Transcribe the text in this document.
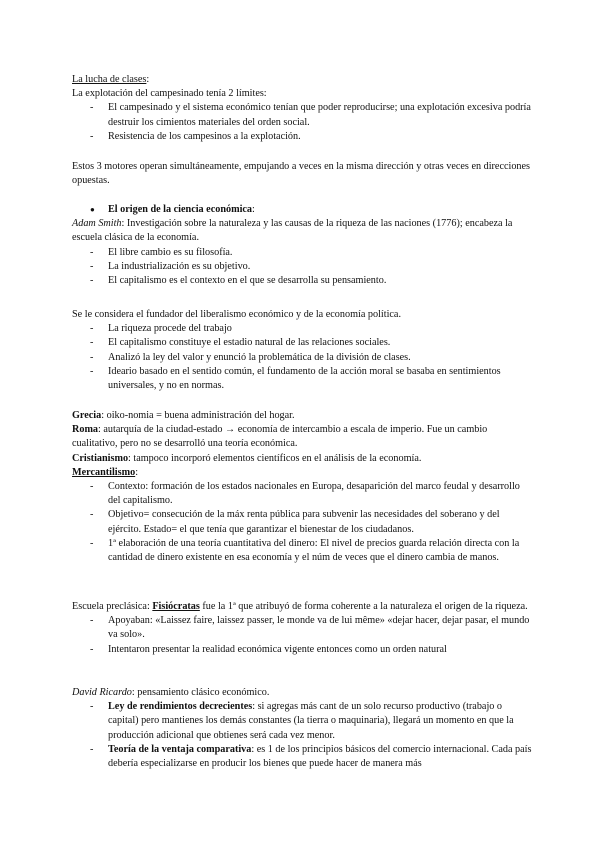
La lucha de clases:

La explotación del campesinado tenía 2 límites:

- El campesinado y el sistema económico tenían que poder reproducirse; una explotación excesiva podría destruir los cimientos materiales del orden social.
- Resistencia de los campesinos a la explotación.

Estos 3 motores operan simultáneamente, empujando a veces en la misma dirección y otras veces en direcciones opuestas.

● El origen de la ciencia económica:

Adam Smith: Investigación sobre la naturaleza y las causas de la riqueza de las naciones (1776); encabeza la escuela clásica de la economía.

- El libre cambio es su filosofía.
- La industrialización es su objetivo.
- El capitalismo es el contexto en el que se desarrolla su pensamiento.

Se le considera el fundador del liberalismo económico y de la economía política.

- La riqueza procede del trabajo
- El capitalismo constituye el estadio natural de las relaciones sociales.
- Analizó la ley del valor y enunció la problemática de la división de clases.
- Ideario basado en el sentido común, el fundamento de la acción moral se basaba en sentimientos universales, y no en normas.

Grecia: oiko-nomia = buena administración del hogar.

Roma: autarquía de la ciudad-estado → economía de intercambio a escala de imperio. Fue un cambio cualitativo, pero no se desarrolló una teoría económica.

Cristianismo: tampoco incorporó elementos científicos en el análisis de la economía.

Mercantilismo:

- Contexto: formación de los estados nacionales en Europa, desaparición del marco feudal y desarrollo del capitalismo.
- Objetivo= consecución de la máx renta pública para subvenir las necesidades del soberano y del ejército. Estado= el que tenía que garantizar el bienestar de los ciudadanos.
- 1ª elaboración de una teoría cuantitativa del dinero: El nivel de precios guarda relación directa con la cantidad de dinero existente en esa economía y el núm de veces que el dinero cambia de manos.

Escuela preclásica: Fisiócratas fue la 1ª que atribuyó de forma coherente a la naturaleza el origen de la riqueza.

- Apoyaban: «Laissez faire, laissez passer, le monde va de lui même» «dejar hacer, dejar pasar, el mundo va solo».
- Intentaron presentar la realidad económica vigente entonces como un orden natural

David Ricardo: pensamiento clásico económico.

- Ley de rendimientos decrecientes: si agregas más cant de un solo recurso productivo (trabajo o capital) pero mantienes los demás constantes (la tierra o maquinaria), llegará un momento en que la producción adicional que obtienes será cada vez menor.
- Teoría de la ventaja comparativa: es 1 de los principios básicos del comercio internacional. Cada país debería especializarse en producir los bienes que puede hacer de manera más
